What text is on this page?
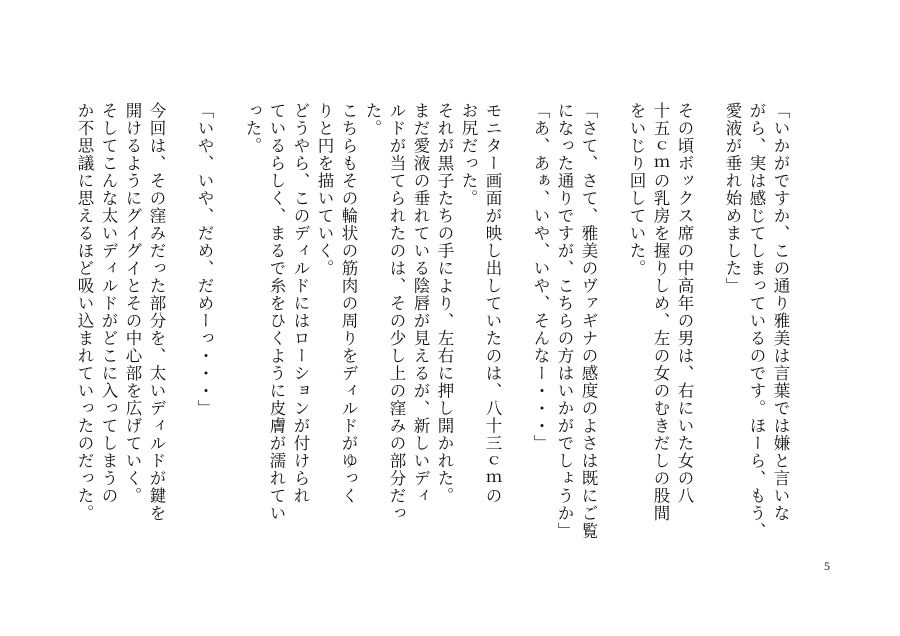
「いかがですか、この通り雅美は言葉では嫌と言いな
がら、実は感じてしまっているのです。ほーら、もう、
愛液が垂れ始めました」
その頃ボックス席の中高年の男は、右にいた女の八
十五ｃｍの乳房を握りしめ、左の女のむきだしの股間
をいじり回していた。
「さて、さて、雅美のヴァギナの感度のよさは既にご覧
になった通りですが、こちらの方はいかがでしょうか」
「あ、あぁ、いや、いや、そんなー・・・」
モニター画面が映し出していたのは、八十三ｃｍの
お尻だった。
それが黒子たちの手により、左右に押し開かれた。
まだ愛液の垂れている陰唇が見えるが、新しいディ
ルドが当てられたのは、その少し上の窪みの部分だっ
た。
こちらもその輪状の筋肉の周りをディルドがゆっく
りと円を描いていく。
どうやら、このディルドにはローションが付けられ
ているらしく、まるで糸をひくように皮膚が濡れてい
った。
「いや、いや、だめ、だめーっ・・・」
今回は、その窪みだった部分を、太いディルドが鍵を
開けるようにグイグイとその中心部を広げていく。
そしてこんな太いディルドがどこに入ってしまうの
か不思議に思えるほど吸い込まれていったのだった。
5
